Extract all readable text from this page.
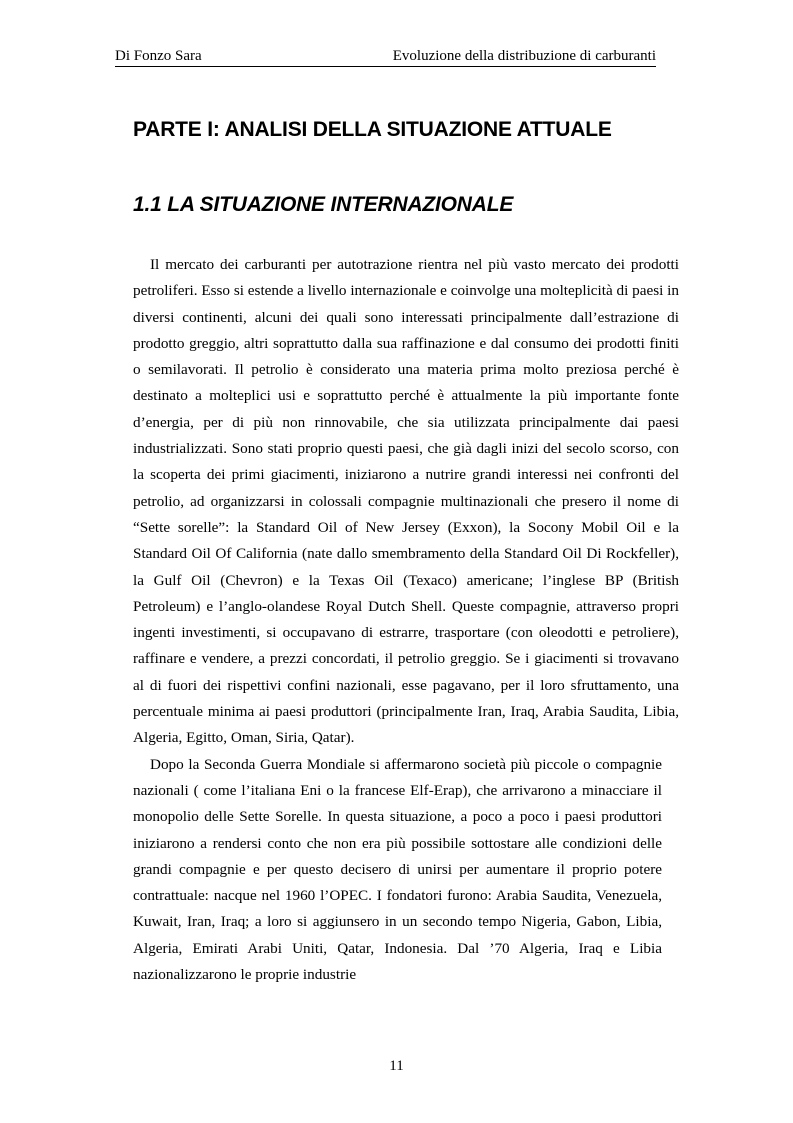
Di Fonzo Sara	Evoluzione della distribuzione di carburanti
PARTE I: ANALISI DELLA SITUAZIONE ATTUALE
1.1 LA SITUAZIONE INTERNAZIONALE

Il mercato dei carburanti per autotrazione rientra nel più vasto mercato dei prodotti petroliferi. Esso si estende a livello internazionale e coinvolge una molteplicità di paesi in diversi continenti, alcuni dei quali sono interessati principalmente dall’estrazione di prodotto greggio, altri soprattutto dalla sua raffinazione e dal consumo dei prodotti finiti o semilavorati. Il petrolio è considerato una materia prima molto preziosa perché è destinato a molteplici usi e soprattutto perché è attualmente la più importante fonte d’energia, per di più non rinnovabile, che sia utilizzata principalmente dai paesi industrializzati. Sono stati proprio questi paesi, che già dagli inizi del secolo scorso, con la scoperta dei primi giacimenti, iniziarono a nutrire grandi interessi nei confronti del petrolio, ad organizzarsi in colossali compagnie multinazionali che presero il nome di “Sette sorelle”: la Standard Oil of New Jersey (Exxon), la Socony Mobil Oil e la Standard Oil Of California (nate dallo smembramento della Standard Oil Di Rockfeller), la Gulf Oil (Chevron) e la Texas Oil (Texaco) americane; l’inglese BP (British Petroleum) e l’anglo-olandese Royal Dutch Shell. Queste compagnie, attraverso propri ingenti investimenti, si occupavano di estrarre, trasportare (con oleodotti e petroliere), raffinare e vendere, a prezzi concordati, il petrolio greggio. Se i giacimenti si trovavano al di fuori dei rispettivi confini nazionali, esse pagavano, per il loro sfruttamento, una percentuale minima ai paesi produttori (principalmente Iran, Iraq, Arabia Saudita, Libia, Algeria, Egitto, Oman, Siria, Qatar).

Dopo la Seconda Guerra Mondiale si affermarono società più piccole o compagnie nazionali ( come l’italiana Eni o la francese Elf-Erap), che arrivarono a minacciare il monopolio delle Sette Sorelle. In questa situazione, a poco a poco i paesi produttori iniziarono a rendersi conto che non era più possibile sottostare alle condizioni delle grandi compagnie e per questo decisero di unirsi per aumentare il proprio potere contrattuale: nacque nel 1960 l’OPEC. I fondatori furono: Arabia Saudita, Venezuela, Kuwait, Iran, Iraq; a loro si aggiunsero in un secondo tempo Nigeria, Gabon, Libia, Algeria, Emirati Arabi Uniti, Qatar, Indonesia. Dal ’70 Algeria, Iraq e Libia nazionalizzarono le proprie industrie

11
